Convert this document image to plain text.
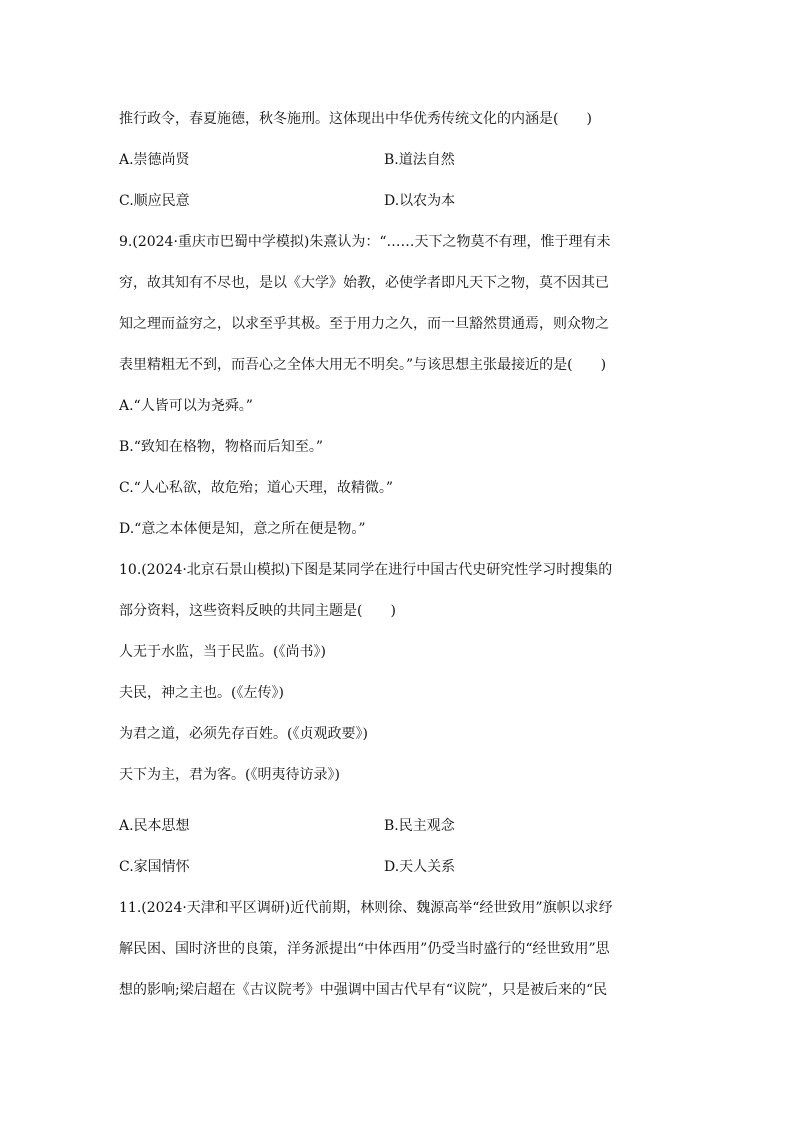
推行政令，春夏施德，秋冬施刑。这体现出中华优秀传统文化的内涵是(　　)
A.崇德尚贤	B.道法自然
C.顺应民意	D.以农为本
9.(2024·重庆市巴蜀中学模拟)朱熹认为：“……天下之物莫不有理，惟于理有未
穷，故其知有不尽也，是以《大学》始教，必使学者即凡天下之物，莫不因其已
知之理而益穷之，以求至乎其极。至于用力之久，而一旦豁然贯通焉，则众物之
表里精粗无不到，而吾心之全体大用无不明矣。”与该思想主张最接近的是(　　)
A.“人皆可以为尧舜。”
B.“致知在格物，物格而后知至。”
C.“人心私欲，故危殆；道心天理，故精微。”
D.“意之本体便是知，意之所在便是物。”
10.(2024·北京石景山模拟)下图是某同学在进行中国古代史研究性学习时搜集的
部分资料，这些资料反映的共同主题是(　　)
人无于水监，当于民监。(《尚书》)
夫民，神之主也。(《左传》)
为君之道，必须先存百姓。(《贞观政要》)
天下为主，君为客。(《明夷待访录》)
A.民本思想	B.民主观念
C.家国情怀	D.天人关系
11.(2024·天津和平区调研)近代前期，林则徐、魏源高举“经世致用”旗帜以求纾
解民困、国时济世的良策，洋务派提出“中体西用”仍受当时盛行的“经世致用”思
想的影响;梁启超在《古议院考》中强调中国古代早有“议院”，只是被后来的“民
